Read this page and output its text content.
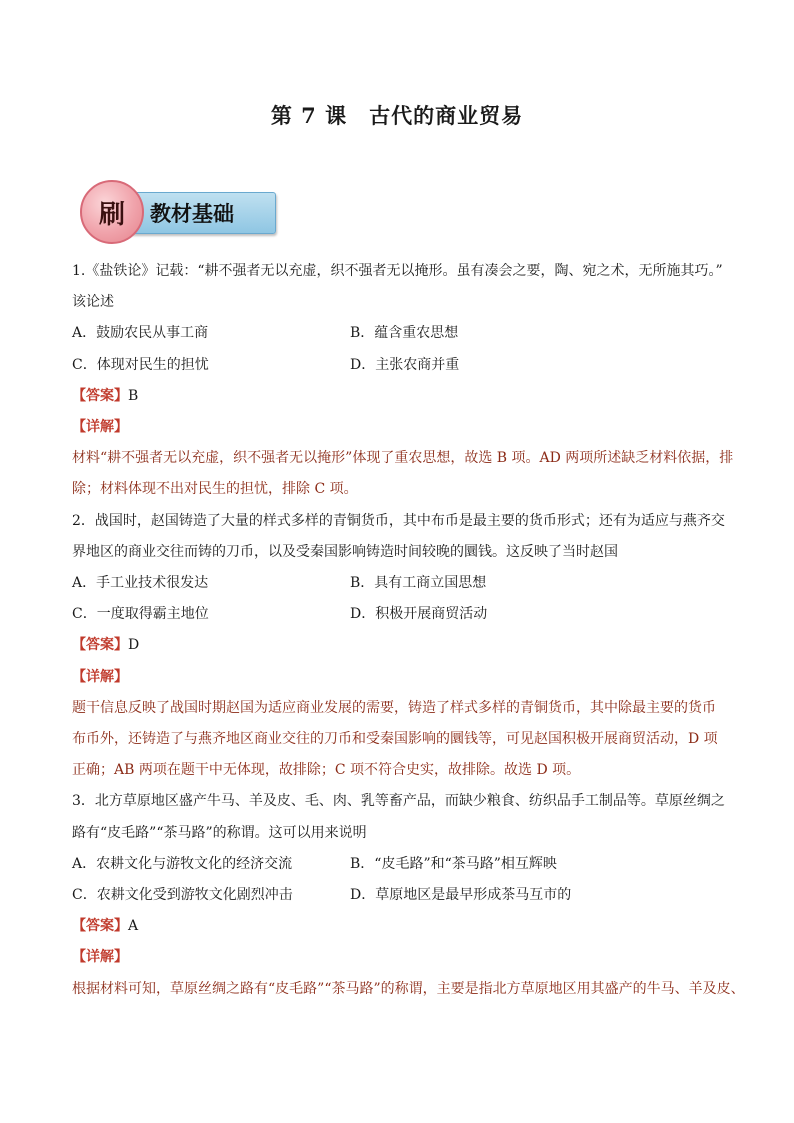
第 7 课　古代的商业贸易
刷	教材基础
1.《盐铁论》记载：“耕不强者无以充虚，织不强者无以掩形。虽有凑会之要，陶、宛之术，无所施其巧。”
该论述
A．鼓励农民从事工商	B．蕴含重农思想
C．体现对民生的担忧	D．主张农商并重
【答案】B
【详解】
材料“耕不强者无以充虚，织不强者无以掩形”体现了重农思想，故选 B 项。AD 两项所述缺乏材料依据，排
除；材料体现不出对民生的担忧，排除 C 项。
2．战国时，赵国铸造了大量的样式多样的青铜货币，其中布币是最主要的货币形式；还有为适应与燕齐交
界地区的商业交往而铸的刀币，以及受秦国影响铸造时间较晚的圜钱。这反映了当时赵国
A．手工业技术很发达	B．具有工商立国思想
C．一度取得霸主地位	D．积极开展商贸活动
【答案】D
【详解】
题干信息反映了战国时期赵国为适应商业发展的需要，铸造了样式多样的青铜货币，其中除最主要的货币
布币外，还铸造了与燕齐地区商业交往的刀币和受秦国影响的圜钱等，可见赵国积极开展商贸活动，D 项
正确；AB 两项在题干中无体现，故排除；C 项不符合史实，故排除。故选 D 项。
3．北方草原地区盛产牛马、羊及皮、毛、肉、乳等畜产品，而缺少粮食、纺织品手工制品等。草原丝绸之
路有“皮毛路”“茶马路”的称谓。这可以用来说明
A．农耕文化与游牧文化的经济交流	B．“皮毛路”和“茶马路”相互辉映
C．农耕文化受到游牧文化剧烈冲击	D．草原地区是最早形成茶马互市的
【答案】A
【详解】
根据材料可知，草原丝绸之路有“皮毛路”“茶马路”的称谓，主要是指北方草原地区用其盛产的牛马、羊及皮、
